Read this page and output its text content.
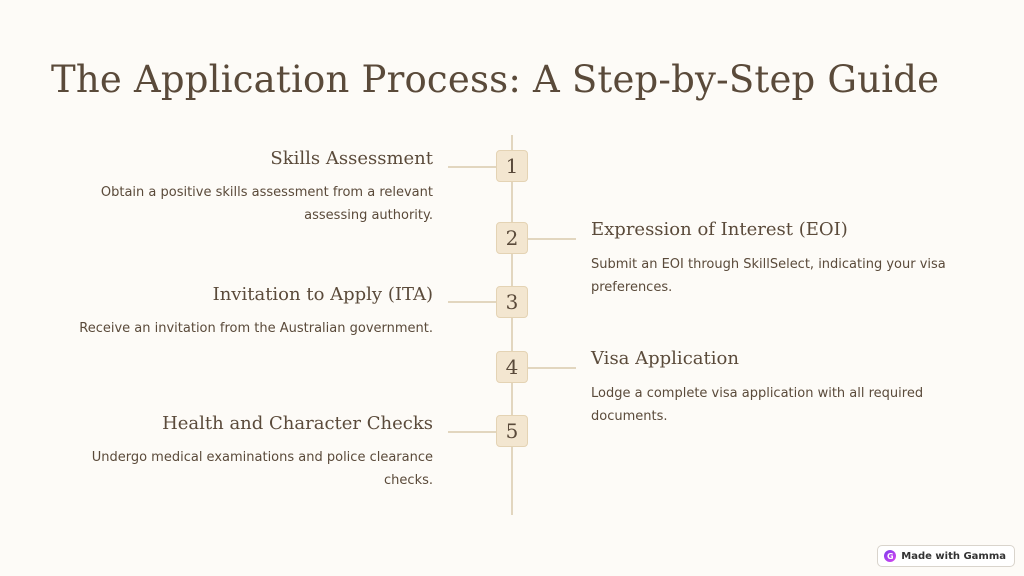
The Application Process: A Step-by-Step Guide
1
Skills Assessment
Obtain a positive skills assessment from a relevant assessing authority.
2	Expression of Interest (EOI)
Submit an EOI through SkillSelect, indicating your visa preferences.
3
Invitation to Apply (ITA)
Receive an invitation from the Australian government.
4	Visa Application
Lodge a complete visa application with all required documents.
5
Health and Character Checks
Undergo medical examinations and police clearance checks.
G Made with Gamma
